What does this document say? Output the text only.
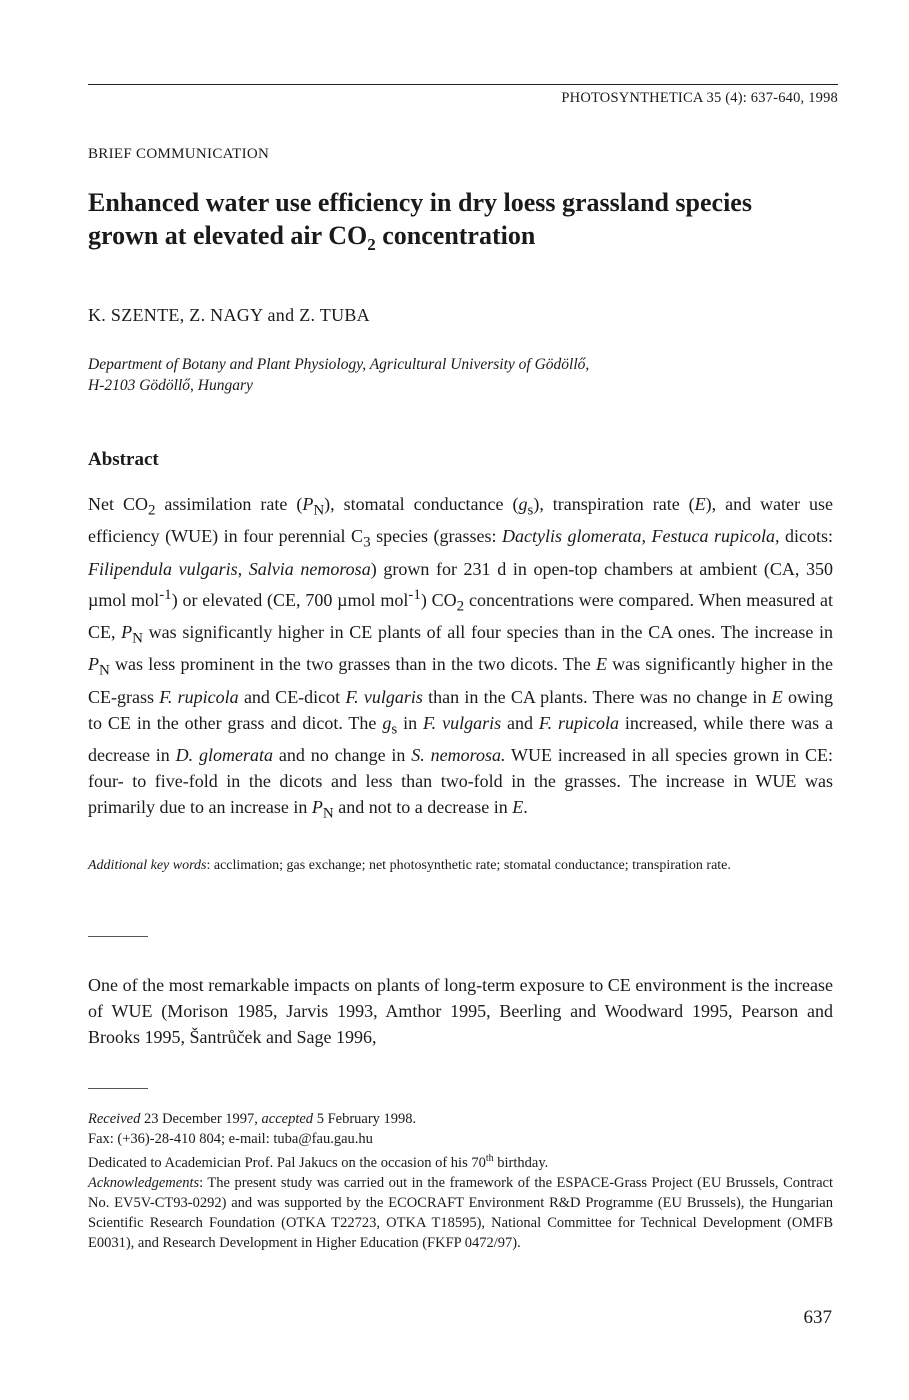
PHOTOSYNTHETICA 35 (4): 637-640, 1998
BRIEF COMMUNICATION
Enhanced water use efficiency in dry loess grassland species
grown at elevated air $CO_2$ concentration
K. SZENTE, Z. NAGY and Z. TUBA
Department of Botany and Plant Physiology, Agricultural University of Gödöllő,
H-2103 Gödöllő, Hungary
Abstract

Net $CO_2$ assimilation rate $(P_N)$, stomatal conductance $(g_s)$, transpiration rate (E), and water use efficiency (WUE) in four perennial $C_3$ species (grasses: Dactylis glomerata, Festuca rupicola, dicots: Filipendula vulgaris, Salvia nemorosa) grown for 231 d in open-top chambers at ambient (CA, 350 µmol mol$^{-1}$) or elevated (CE, 700 µmol mol$^{-1}$) $CO_2$ concentrations were compared. When measured at CE, $P_N$ was significantly higher in CE plants of all four species than in the CA ones. The increase in $P_N$ was less prominent in the two grasses than in the two dicots. The E was significantly higher in the CE-grass F. rupicola and CE-dicot F. vulgaris than in the CA plants. There was no change in E owing to CE in the other grass and dicot. The $g_s$ in F. vulgaris and F. rupicola increased, while there was a decrease in D. glomerata and no change in S. nemorosa. WUE increased in all species grown in CE: four- to five-fold in the dicots and less than two-fold in the grasses. The increase in WUE was primarily due to an increase in $P_N$ and not to a decrease in E.

Additional key words: acclimation; gas exchange; net photosynthetic rate; stomatal conductance; transpiration rate.

One of the most remarkable impacts on plants of long-term exposure to CE environment is the increase of WUE (Morison 1985, Jarvis 1993, Amthor 1995, Beerling and Woodward 1995, Pearson and Brooks 1995, Šantrůček and Sage 1996,

Received 23 December 1997, accepted 5 February 1998.

Fax: (+36)-28-410 804; e-mail: tuba@fau.gau.hu

Dedicated to Academician Prof. Pal Jakucs on the occasion of his 70th birthday.

Acknowledgements: The present study was carried out in the framework of the ESPACE-Grass Project (EU Brussels, Contract No. EV5V-CT93-0292) and was supported by the ECOCRAFT Environment R&D Programme (EU Brussels), the Hungarian Scientific Research Foundation (OTKA T22723, OTKA T18595), National Committee for Technical Development (OMFB E0031), and Research Development in Higher Education (FKFP 0472/97).

637
